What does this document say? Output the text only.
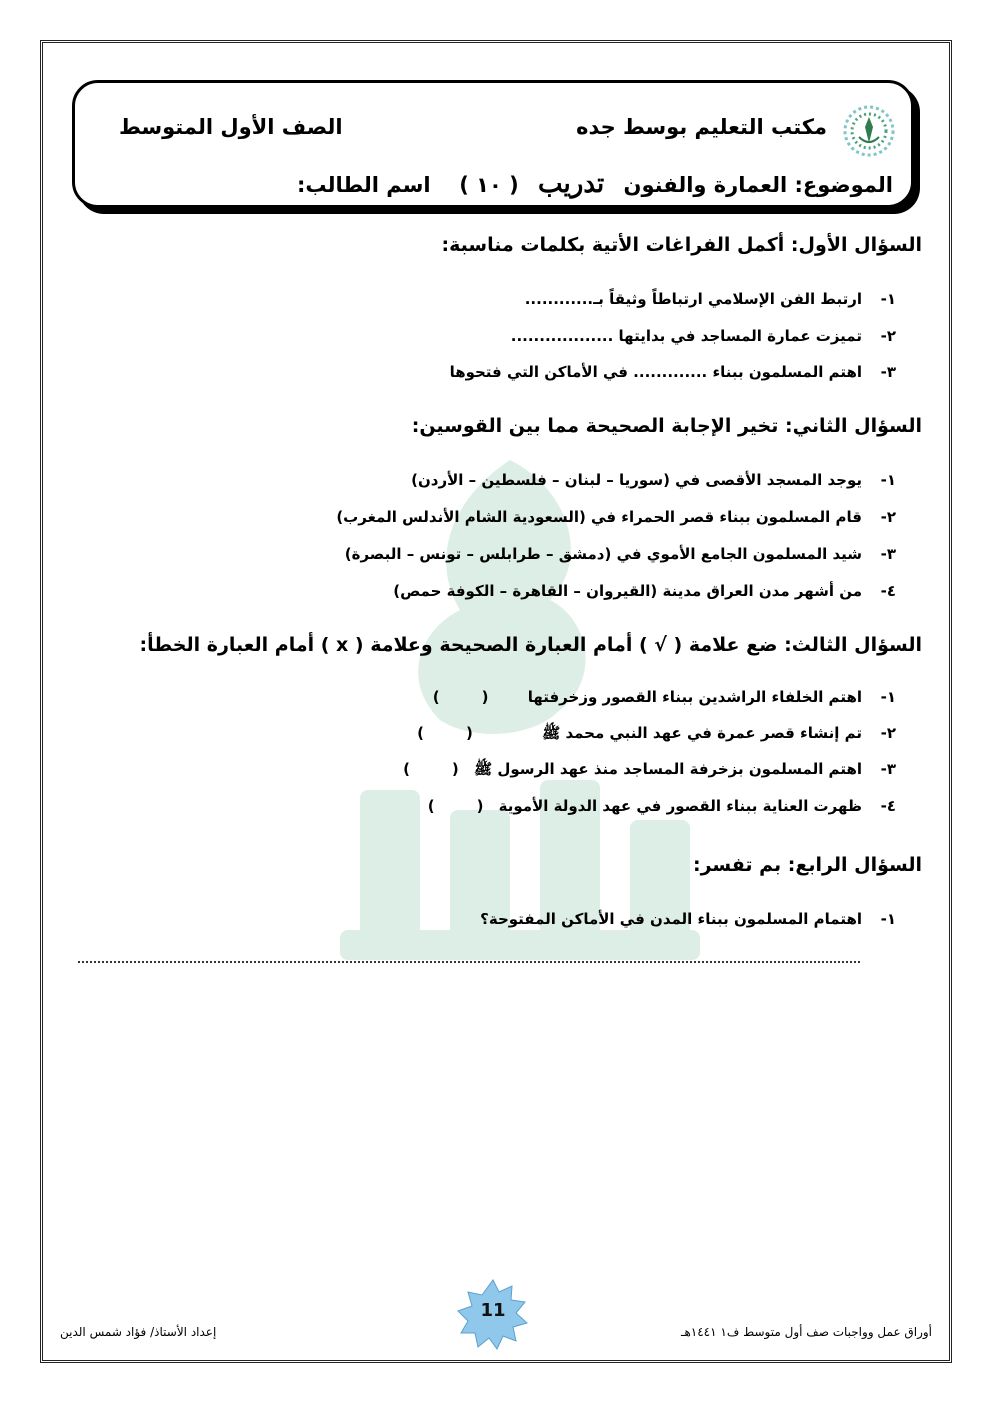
مكتب التعليم بوسط جده
الصف الأول المتوسط
الموضوع: العمارة والفنون تدريب ( ١٠ )
اسم الطالب:
السؤال الأول: أكمل الفراغات الأتية بكلمات مناسبة:
١-ارتبط الفن الإسلامي ارتباطاً وثيقاً بـ............
٢-تميزت عمارة المساجد في بدايتها ..................
٣-اهتم المسلمون ببناء ............. في الأماكن التي فتحوها
السؤال الثاني: تخير الإجابة الصحيحة مما بين القوسين:
١-يوجد المسجد الأقصى في (سوريا – لبنان – فلسطين – الأردن)
٢-قام المسلمون ببناء قصر الحمراء في (السعودية الشام الأندلس المغرب)
٣-شيد المسلمون الجامع الأموي في (دمشق – طرابلس – تونس – البصرة)
٤-من أشهر مدن العراق مدينة (القيروان – القاهرة – الكوفة حمص)
السؤال الثالث: ضع علامة ( √ ) أمام العبارة الصحيحة وعلامة ( x ) أمام العبارة الخطأ:
١-اهتم الخلفاء الراشدين ببناء القصور وزخرفتها ()
٢-تم إنشاء قصر عمرة في عهد النبي محمد ﷺ ()
٣-اهتم المسلمون بزخرفة المساجد منذ عهد الرسول ﷺ ()
٤-ظهرت العناية ببناء القصور في عهد الدولة الأموية ()
السؤال الرابع: بم تفسر:
١-اهتمام المسلمون ببناء المدن في الأماكن المفتوحة؟
11
أوراق عمل وواجبات صف أول متوسط ف١ ١٤٤١هـ
إعداد الأستاذ/ فؤاد شمس الدين
